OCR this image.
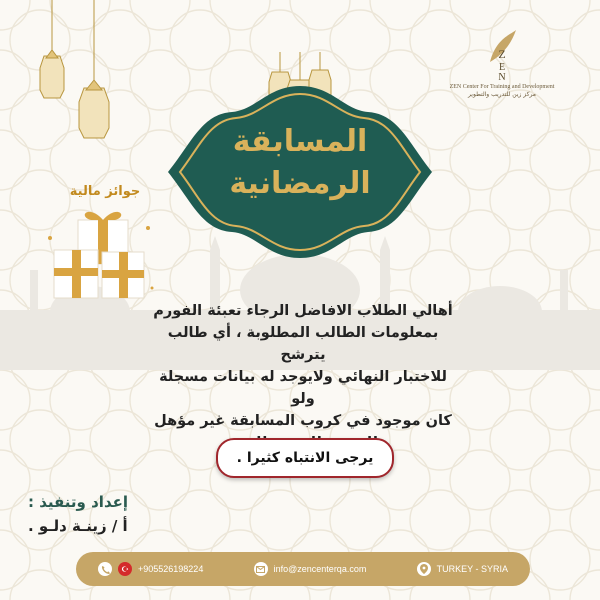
Z
E
N
ZEN Center For Training and Development
مركز زين للتدريب والتطوير
المسابقة
الرمضانية
جوائز مالية
أهالي الطلاب الافاضل الرجاء تعبئة الفورم
بمعلومات الطالب المطلوبة ، أي طالب يترشح
للاختبار النهائي ولايوجد له بيانات مسجلة ولو
كان موجود في كروب المسابقة غير مؤهل
يرجى الانتباه كثيرا .
إعداد وتنفيذ :
أ / زينـة دلـو .
+905526198224	info@zencenterqa.com	TURKEY - SYRIA
